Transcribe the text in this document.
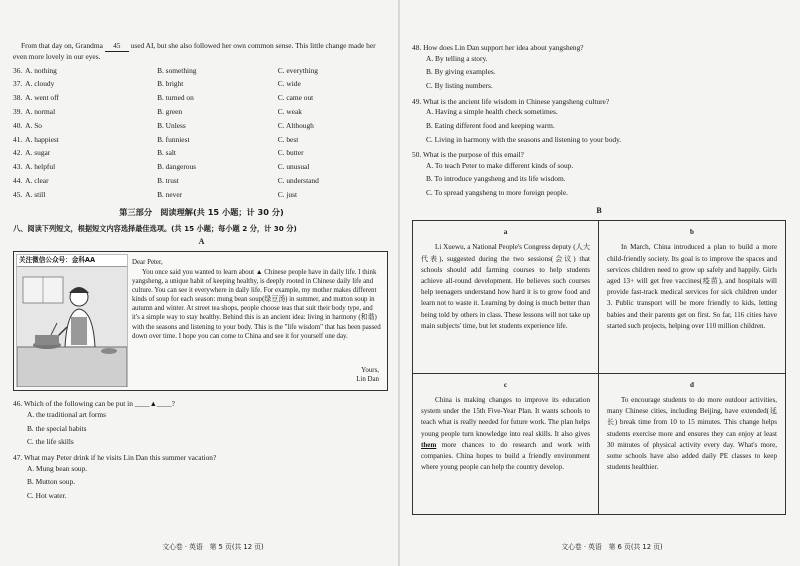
From that day on, Grandma 45 used AI, but she also followed her own common sense. This little change made her even more lovely in our eyes.
36. A. nothing	B. something	C. everything
37. A. cloudy	B. bright	C. wide
38. A. went off	B. turned on	C. came out
39. A. normal	B. green	C. weak
40. A. So	B. Unless	C. Although
41. A. happiest	B. funniest	C. best
42. A. sugar	B. salt	C. butter
43. A. helpful	B. dangerous	C. unusual
44. A. clear	B. trust	C. understand
45. A. still	B. never	C. just
第三部分　阅读理解(共 15 小题；计 30 分)
八、阅读下列短文，根据短文内容选择最佳选项。(共 15 小题；每小题 2 分，计 30 分)
A
关注微信公众号：金科AA	Dear Peter,
You once said you wanted to learn about ▲ Chinese people have in daily life. I think yangsheng, a unique habit of keeping healthy, is deeply rooted in Chinese daily life and culture. You can see it everywhere in daily life. For example, my mother makes different kinds of soup for each season: mung bean soup(绿豆汤) in summer, and mutton soup in autumn and winter. At street tea shops, people choose teas that suit their body type, and it's a simple way to stay healthy. Behind this is an ancient idea: living in harmony (和谐) with the seasons and listening to your body. This is the "life wisdom" that has been passed down over time. I hope you can come to China and see it for yourself one day.
Yours,
Lin Dan
46. Which of the following can be put in ____▲____?
A. the traditional art forms
B. the special habits
C. the life skills
47. What may Peter drink if he visits Lin Dan this summer vacation?
A. Mung bean soup.
B. Mutton soup.
C. Hot water.
文心卷 · 英语　第 5 页(共 12 页)
48. How does Lin Dan support her idea about yangsheng?
A. By telling a story.
B. By giving examples.
C. By listing numbers.
49. What is the ancient life wisdom in Chinese yangsheng culture?
A. Having a simple health check sometimes.
B. Eating different food and keeping warm.
C. Living in harmony with the seasons and listening to your body.
50. What is the purpose of this email?
A. To teach Peter to make different kinds of soup.
B. To introduce yangsheng and its life wisdom.
C. To spread yangsheng to more foreign people.
B
a

Li Xuewu, a National People's Congress deputy (人大代表), suggested during the two sessions(会议) that schools should add farming courses to help students achieve all-round development. He believes such courses help teenagers understand how hard it is to grow food and learn not to waste it. Learning by doing is much better than being told by others in class. These lessons will not take up main subjects' time, but let students experience life.

b

In March, China introduced a plan to build a more child-friendly society. Its goal is to improve the spaces and services children need to grow up safely and happily. Girls aged 13+ will get free vaccines(疫苗), and hospitals will provide fast-track medical services for sick children under 3. Public transport will be more friendly to kids, letting babies and their parents get on first. So far, 116 cities have started such projects, helping over 110 million children.

c

China is making changes to improve its education system under the 15th Five-Year Plan. It wants schools to teach what is really needed for future work. The plan helps young people turn knowledge into real skills. It also gives them more chances to do research and work with companies. China hopes to build a friendly environment where young people can help the country develop.

d

To encourage students to do more outdoor activities, many Chinese cities, including Beijing, have extended(延长) break time from 10 to 15 minutes. This change helps students exercise more and ensures they can enjoy at least 30 minutes of physical activity every day. What's more, some schools have also added daily PE classes to keep students healthier.

文心卷 · 英语　第 6 页(共 12 页)
